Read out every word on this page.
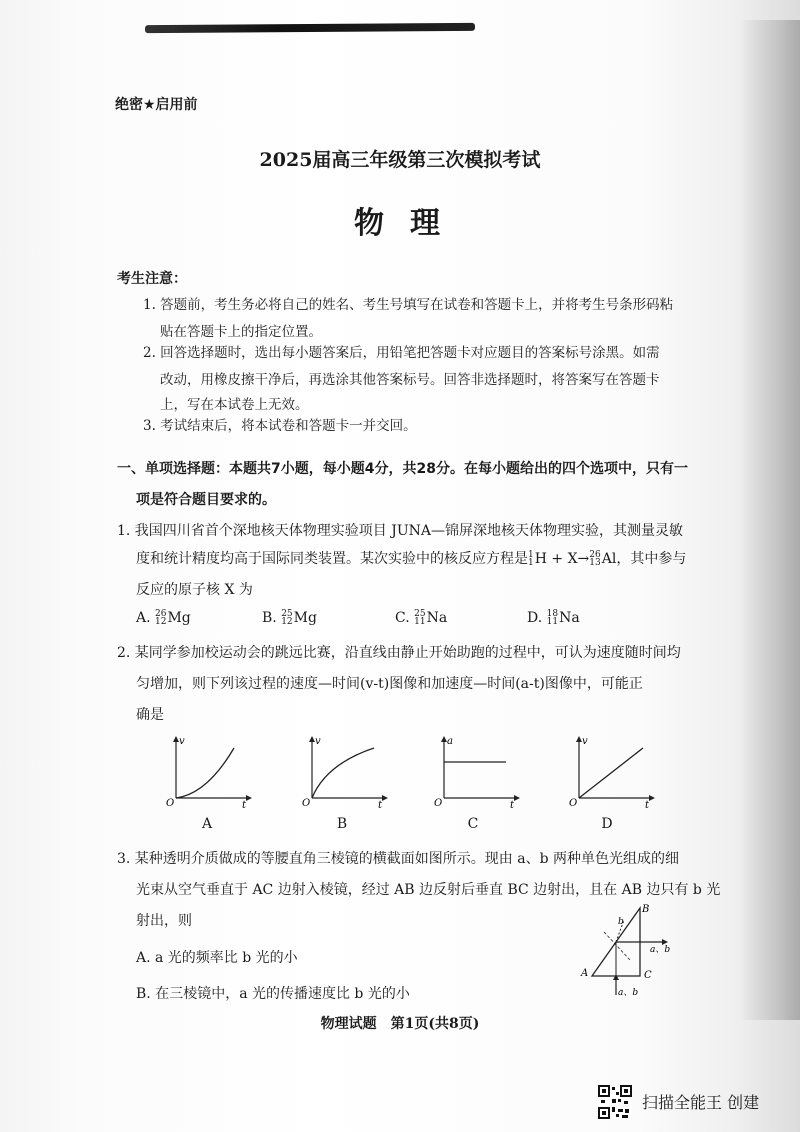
绝密★启用前
2025届高三年级第三次模拟考试
物理
考生注意：
1. 答题前，考生务必将自己的姓名、考生号填写在试卷和答题卡上，并将考生号条形码粘
贴在答题卡上的指定位置。
2. 回答选择题时，选出每小题答案后，用铅笔把答题卡对应题目的答案标号涂黑。如需
改动，用橡皮擦干净后，再选涂其他答案标号。回答非选择题时，将答案写在答题卡
上，写在本试卷上无效。
3. 考试结束后，将本试卷和答题卡一并交回。
一、单项选择题：本题共7小题，每小题4分，共28分。在每小题给出的四个选项中，只有一
项是符合题目要求的。
1. 我国四川省首个深地核天体物理实验项目 JUNA—锦屏深地核天体物理实验，其测量灵敏
度和统计精度均高于国际同类装置。某次实验中的核反应方程是 1
1 H + X→ 26
13 Al，其中参与
反应的原子核 X 为
A. 26
12 Mg	B. 25
12 Mg	C. 25
11 Na	D. 18
11 Na
2. 某同学参加校运动会的跳远比赛，沿直线由静止开始助跑的过程中，可认为速度随时间均
匀增加，则下列该过程的速度—时间(v-t)图像和加速度—时间(a-t)图像中，可能正
确是
v
t
O
A
v
t
O
B
a
t
O
C
v
t
O
D
3. 某种透明介质做成的等腰直角三棱镜的横截面如图所示。现由 a、b 两种单色光组成的细
光束从空气垂直于 AC 边射入棱镜，经过 AB 边反射后垂直 BC 边射出，且在 AB 边只有 b 光
射出，则
A. a 光的频率比 b 光的小
B. 在三棱镜中，a 光的传播速度比 b 光的小
B
A	C
b
a、b
a、b
物理试题　第1页(共8页)
扫描全能王 创建
